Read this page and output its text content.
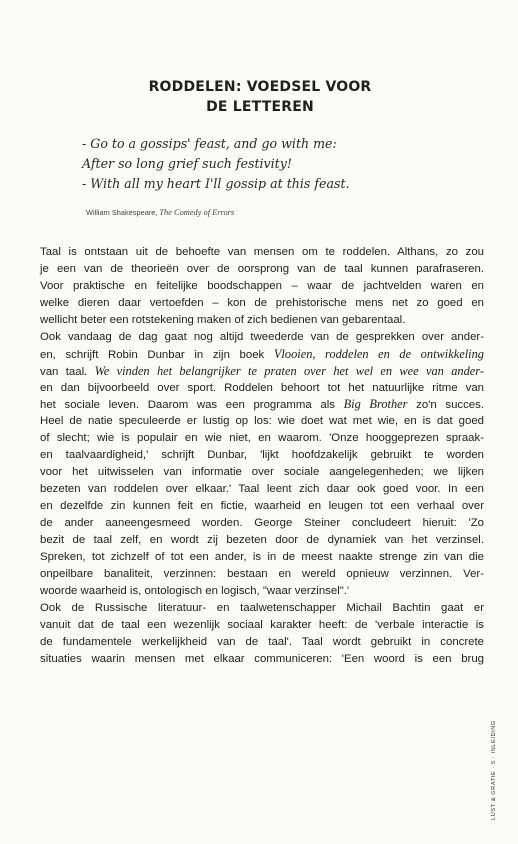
RODDELEN: VOEDSEL VOOR
DE LETTEREN
- Go to a gossips' feast, and go with me:
After so long grief such festivity!
- With all my heart I'll gossip at this feast.
William Shakespeare, The Comedy of Errors
Taal is ontstaan uit de behoefte van mensen om te roddelen. Althans, zo zou
je een van de theorieën over de oorsprong van de taal kunnen parafraseren.
Voor praktische en feitelijke boodschappen – waar de jachtvelden waren en
welke dieren daar vertoefden – kon de prehistorische mens net zo goed en
wellicht beter een rotstekening maken of zich bedienen van gebarentaal.
Ook vandaag de dag gaat nog altijd tweederde van de gesprekken over ander-
en, schrijft Robin Dunbar in zijn boek Vlooien, roddelen en de ontwikkeling
van taal. We vinden het belangrijker te praten over het wel en wee van ander-
en dan bijvoorbeeld over sport. Roddelen behoort tot het natuurlijke ritme van
het sociale leven. Daarom was een programma als Big Brother zo'n succes.
Heel de natie speculeerde er lustig op los: wie doet wat met wie, en is dat goed
of slecht; wie is populair en wie niet, en waarom. 'Onze hooggeprezen spraak-
en taalvaardigheid,' schrijft Dunbar, 'lijkt hoofdzakelijk gebruikt te worden
voor het uitwisselen van informatie over sociale aangelegenheden; we lijken
bezeten van roddelen over elkaar.' Taal leent zich daar ook goed voor. In een
en dezelfde zin kunnen feit en fictie, waarheid en leugen tot een verhaal over
de ander aaneengesmeed worden. George Steiner concludeert hieruit: 'Zo
bezit de taal zelf, en wordt zij bezeten door de dynamiek van het verzinsel.
Spreken, tot zichzelf of tot een ander, is in de meest naakte strenge zin van die
onpeilbare banaliteit, verzinnen: bestaan en wereld opnieuw verzinnen. Ver-
woorde waarheid is, ontologisch en logisch, "waar verzinsel".'
Ook de Russische literatuur- en taalwetenschapper Michail Bachtin gaat er
vanuit dat de taal een wezenlijk sociaal karakter heeft: de 'verbale interactie is
de fundamentele werkelijkheid van de taal'. Taal wordt gebruikt in concrete
situaties waarin mensen met elkaar communiceren: 'Een woord is een brug
LUST & GRATIE · 5 · INLEIDING
